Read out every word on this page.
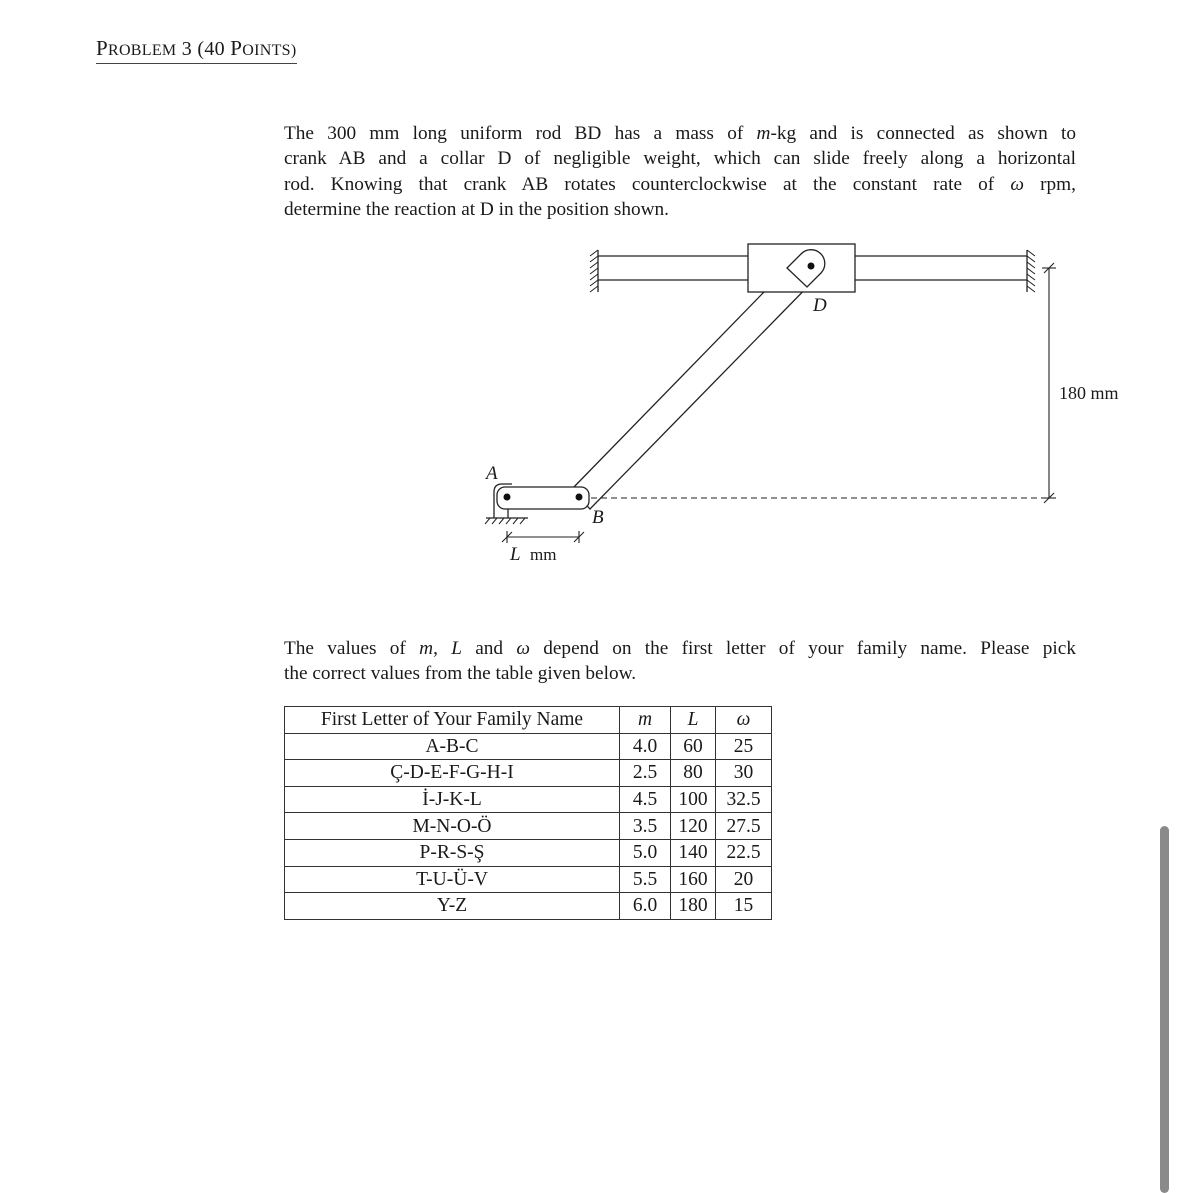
PROBLEM 3 (40 POINTS)
The 300 mm long uniform rod BD has a mass of m-kg and is connected as shown to
crank AB and a collar D of negligible weight, which can slide freely along a horizontal
rod. Knowing that crank AB rotates counterclockwise at the constant rate of ω rpm,
determine the reaction at D in the position shown.
A
B
D
180 mm
L mm
The values of m, L and ω depend on the first letter of your family name. Please pick
the correct values from the table given below.
First Letter of Your Family Name	m	L	ω
A-B-C	4.0	60	25
Ç-D-E-F-G-H-I	2.5	80	30
İ-J-K-L	4.5	100	32.5
M-N-O-Ö	3.5	120	27.5
P-R-S-Ş	5.0	140	22.5
T-U-Ü-V	5.5	160	20
Y-Z	6.0	180	15
